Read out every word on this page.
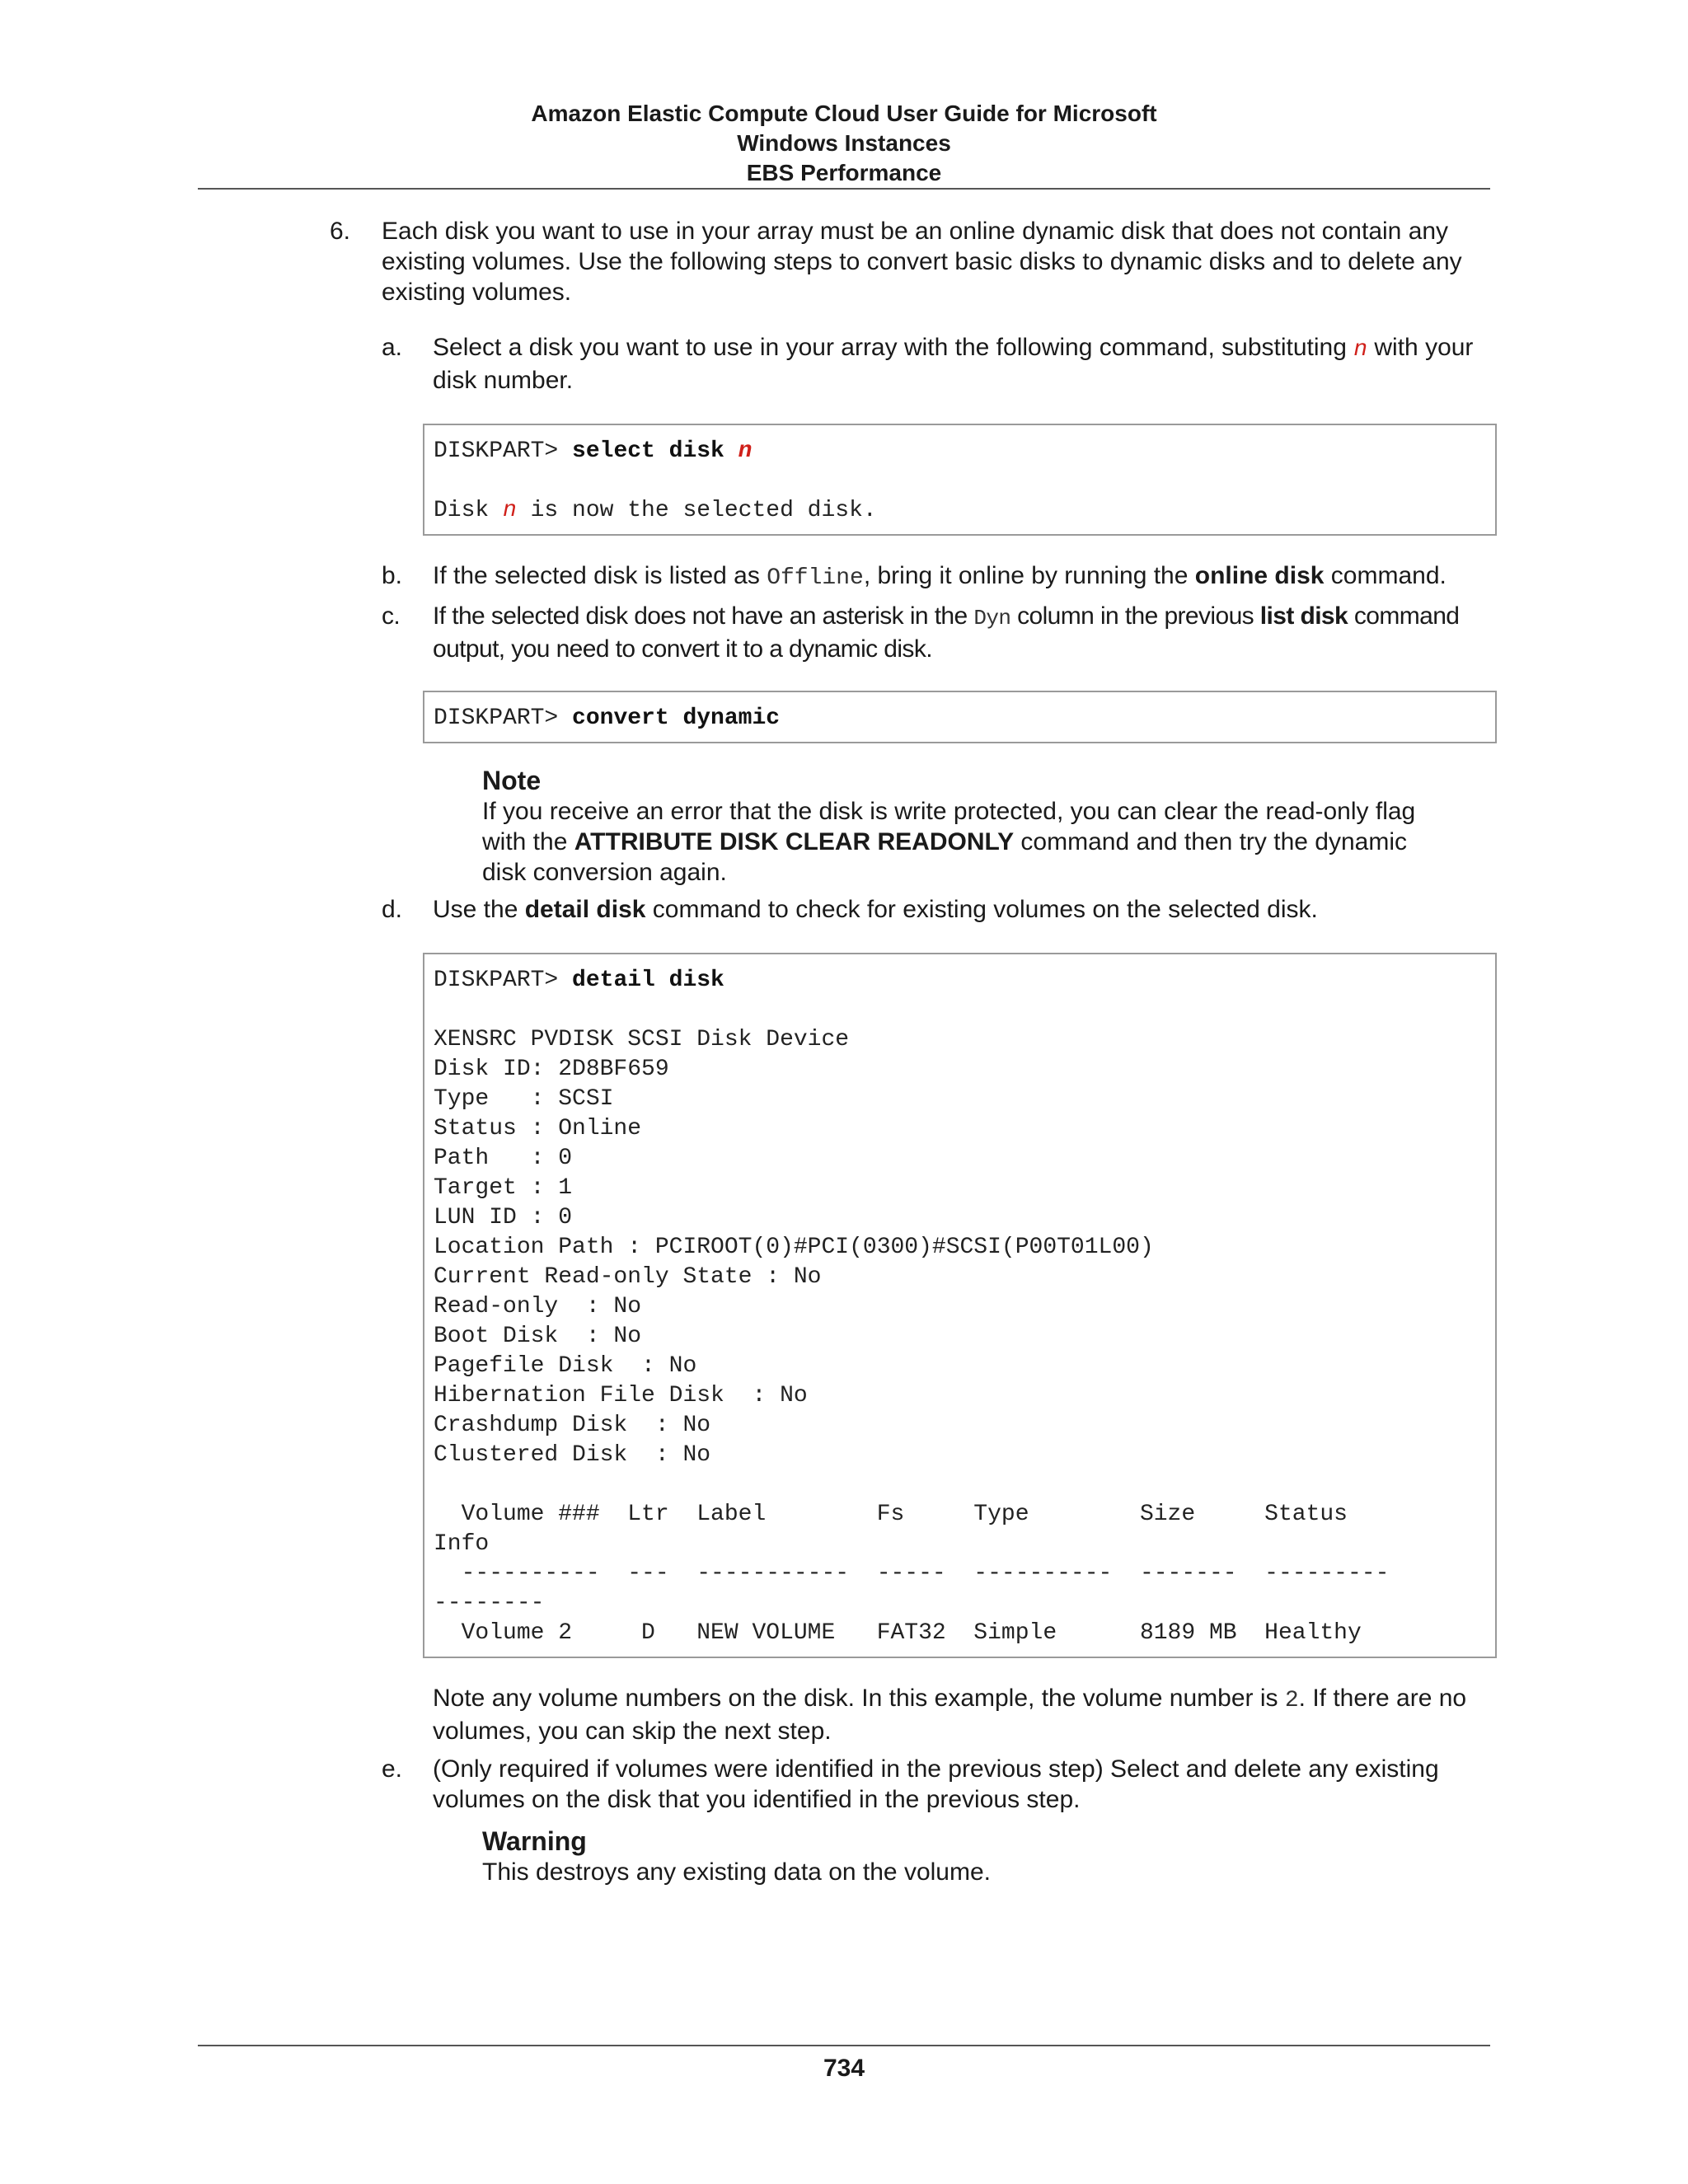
Amazon Elastic Compute Cloud User Guide for Microsoft
Windows Instances
EBS Performance
6. Each disk you want to use in your array must be an online dynamic disk that does not contain any existing volumes. Use the following steps to convert basic disks to dynamic disks and to delete any existing volumes.
a. Select a disk you want to use in your array with the following command, substituting n with your disk number.
DISKPART> select disk n
Disk n is now the selected disk.
b. If the selected disk is listed as Offline, bring it online by running the online disk command.
c. If the selected disk does not have an asterisk in the Dyn column in the previous list disk command output, you need to convert it to a dynamic disk.
DISKPART> convert dynamic
Note
If you receive an error that the disk is write protected, you can clear the read-only flag with the ATTRIBUTE DISK CLEAR READONLY command and then try the dynamic disk conversion again.
d. Use the detail disk command to check for existing volumes on the selected disk.
DISKPART> detail disk
XENSRC PVDISK SCSI Disk Device
Disk ID: 2D8BF659
Type   : SCSI
Status : Online
Path   : 0
Target : 1
LUN ID : 0
Location Path : PCIROOT(0)#PCI(0300)#SCSI(P00T01L00)
Current Read-only State : No
Read-only  : No
Boot Disk  : No
Pagefile Disk  : No
Hibernation File Disk  : No
Crashdump Disk  : No
Clustered Disk  : No
Volume ###  Ltr  Label        Fs     Type        Size     Status
Info
----------  ---  -----------  -----  ----------  -------  ---------
--------
Volume 2     D   NEW VOLUME   FAT32  Simple      8189 MB  Healthy
Note any volume numbers on the disk. In this example, the volume number is 2. If there are no volumes, you can skip the next step.
e. (Only required if volumes were identified in the previous step) Select and delete any existing volumes on the disk that you identified in the previous step.
Warning
This destroys any existing data on the volume.
734
